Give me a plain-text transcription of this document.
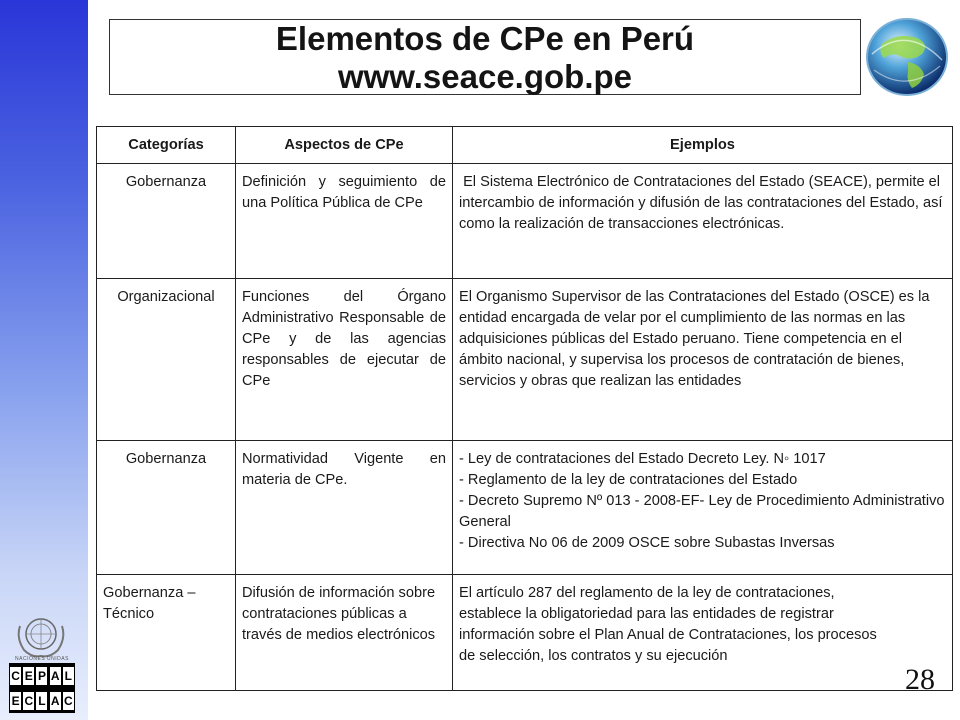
Elementos de CPe en Perú
www.seace.gob.pe
Categorías	Aspectos de CPe	Ejemplos
Gobernanza	Definición y seguimiento de una Política Pública de CPe	El Sistema Electrónico de Contrataciones del Estado (SEACE), permite el intercambio de información y difusión de las contrataciones del Estado, así como la realización de transacciones electrónicas.
Organizacional	Funciones del Órgano Administrativo Responsable de CPe y de las agencias responsables de ejecutar de CPe	El Organismo Supervisor de las Contrataciones del Estado (OSCE) es la entidad encargada de velar por el cumplimiento de las normas en las adquisiciones públicas del Estado peruano. Tiene competencia en el ámbito nacional, y supervisa los procesos de contratación de bienes, servicios y obras que realizan las entidades
Gobernanza	Normatividad Vigente en materia de CPe.	- Ley de contrataciones del Estado Decreto Ley. N◦ 1017
- Reglamento de la ley de contrataciones del Estado
- Decreto Supremo Nº 013 - 2008-EF- Ley de Procedimiento Administrativo General
- Directiva No 06 de 2009 OSCE sobre Subastas Inversas

Gobernanza – Técnico	Difusión de información sobre contrataciones públicas a través de medios electrónicos	El artículo 287 del reglamento de la ley de contrataciones, establece la obligatoriedad para las entidades de registrar información sobre el Plan Anual de Contrataciones, los procesos de selección, los contratos y su ejecución
NACIONES UNIDAS
C E P A L
E C L A C
28
